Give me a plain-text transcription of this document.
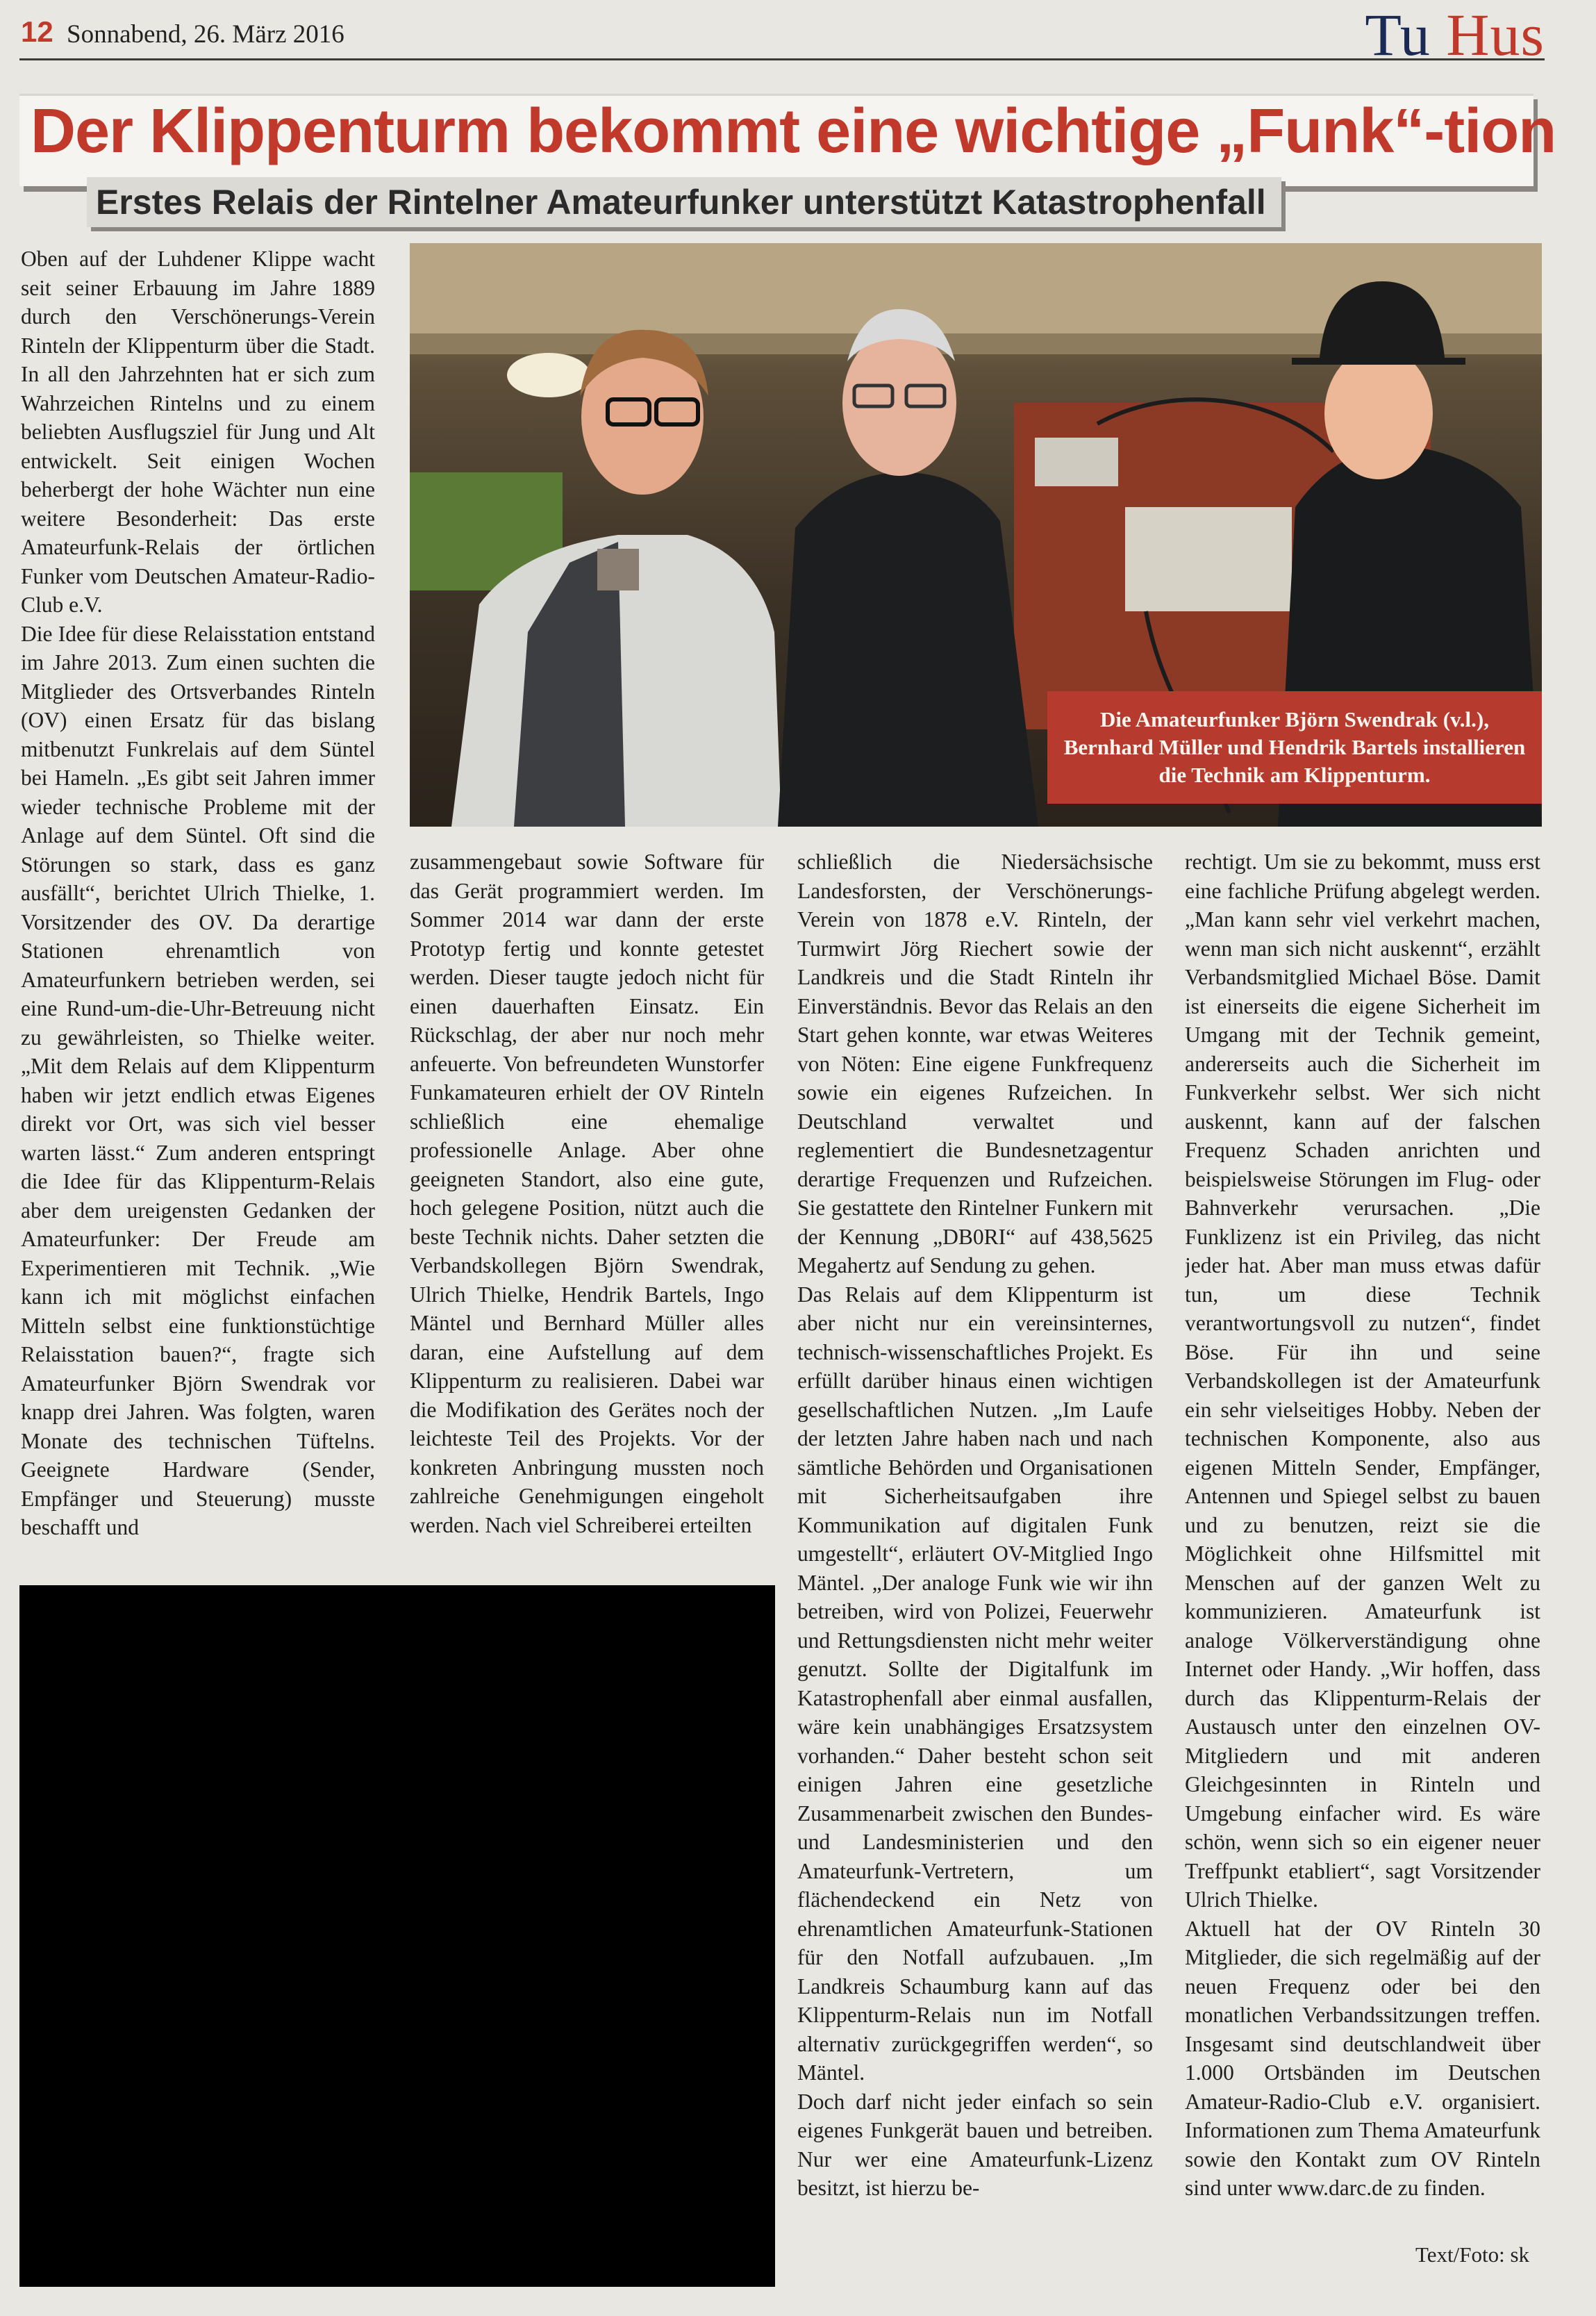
12 Sonnabend, 26. März 2016	Tu Hus
Der Klippenturm bekommt eine wichtige „Funk“-tion
Erstes Relais der Rintelner Amateurfunker unterstützt Katastrophenfall
Die Amateurfunker Björn Swendrak (v.l.), Bernhard Müller und Hendrik Bartels installieren die Technik am Klippenturm.

Oben auf der Luhdener Klippe wacht seit seiner Erbauung im Jahre 1889 durch den Verschönerungs-Verein Rinteln der Klippenturm über die Stadt. In all den Jahrzehnten hat er sich zum Wahrzeichen Rintelns und zu einem beliebten Ausflugsziel für Jung und Alt entwickelt. Seit einigen Wochen beherbergt der hohe Wächter nun eine weitere Besonderheit: Das erste Amateurfunk-Relais der örtlichen Funker vom Deutschen Amateur-Radio-Club e.V.
Die Idee für diese Relaisstation entstand im Jahre 2013. Zum einen suchten die Mitglieder des Ortsverbandes Rinteln (OV) einen Ersatz für das bislang mitbenutzt Funkrelais auf dem Süntel bei Hameln. „Es gibt seit Jahren immer wieder technische Probleme mit der Anlage auf dem Süntel. Oft sind die Störungen so stark, dass es ganz ausfällt“, berichtet Ulrich Thielke, 1. Vorsitzender des OV. Da derartige Stationen ehrenamtlich von Amateurfunkern betrieben werden, sei eine Rund-um-die-Uhr-Betreuung nicht zu gewährleisten, so Thielke weiter. „Mit dem Relais auf dem Klippenturm haben wir jetzt endlich etwas Eigenes direkt vor Ort, was sich viel besser warten lässt.“ Zum anderen entspringt die Idee für das Klippenturm-Relais aber dem ureigensten Gedanken der Amateurfunker: Der Freude am Experimentieren mit Technik. „Wie kann ich mit möglichst einfachen Mitteln selbst eine funktionstüchtige Relaisstation bauen?“, fragte sich Amateurfunker Björn Swendrak vor knapp drei Jahren. Was folgten, waren Monate des technischen Tüftelns. Geeignete Hardware (Sender, Empfänger und Steuerung) musste beschafft und

zusammengebaut sowie Software für das Gerät programmiert werden. Im Sommer 2014 war dann der erste Prototyp fertig und konnte getestet werden. Dieser taugte jedoch nicht für einen dauerhaften Einsatz. Ein Rückschlag, der aber nur noch mehr anfeuerte. Von befreundeten Wunstorfer Funkamateuren erhielt der OV Rinteln schließlich eine ehemalige professionelle Anlage. Aber ohne geeigneten Standort, also eine gute, hoch gelegene Position, nützt auch die beste Technik nichts. Daher setzten die Verbandskollegen Björn Swendrak, Ulrich Thielke, Hendrik Bartels, Ingo Mäntel und Bernhard Müller alles daran, eine Aufstellung auf dem Klippenturm zu realisieren. Dabei war die Modifikation des Gerätes noch der leichteste Teil des Projekts. Vor der konkreten Anbringung mussten noch zahlreiche Genehmigungen eingeholt werden. Nach viel Schreiberei erteilten

schließlich die Niedersächsische Landesforsten, der Verschönerungs-Verein von 1878 e.V. Rinteln, der Turmwirt Jörg Riechert sowie der Landkreis und die Stadt Rinteln ihr Einverständnis. Bevor das Relais an den Start gehen konnte, war etwas Weiteres von Nöten: Eine eigene Funkfrequenz sowie ein eigenes Rufzeichen. In Deutschland verwaltet und reglementiert die Bundesnetzagentur derartige Frequenzen und Rufzeichen. Sie gestattete den Rintelner Funkern mit der Kennung „DB0RI“ auf 438,5625 Megahertz auf Sendung zu gehen.
Das Relais auf dem Klippenturm ist aber nicht nur ein vereinsinternes, technisch-wissenschaftliches Projekt. Es erfüllt darüber hinaus einen wichtigen gesellschaftlichen Nutzen. „Im Laufe der letzten Jahre haben nach und nach sämtliche Behörden und Organisationen mit Sicherheitsaufgaben ihre Kommunikation auf digitalen Funk umgestellt“, erläutert OV-Mitglied Ingo Mäntel. „Der analoge Funk wie wir ihn betreiben, wird von Polizei, Feuerwehr und Rettungsdiensten nicht mehr weiter genutzt. Sollte der Digitalfunk im Katastrophenfall aber einmal ausfallen, wäre kein unabhängiges Ersatzsystem vorhanden.“ Daher besteht schon seit einigen Jahren eine gesetzliche Zusammenarbeit zwischen den Bundes- und Landesministerien und den Amateurfunk-Vertretern, um flächendeckend ein Netz von ehrenamtlichen Amateurfunk-Stationen für den Notfall aufzubauen. „Im Landkreis Schaumburg kann auf das Klippenturm-Relais nun im Notfall alternativ zurückgegriffen werden“, so Mäntel.
Doch darf nicht jeder einfach so sein eigenes Funkgerät bauen und betreiben. Nur wer eine Amateurfunk-Lizenz besitzt, ist hierzu be-

rechtigt. Um sie zu bekommt, muss erst eine fachliche Prüfung abgelegt werden. „Man kann sehr viel verkehrt machen, wenn man sich nicht auskennt“, erzählt Verbandsmitglied Michael Böse. Damit ist einerseits die eigene Sicherheit im Umgang mit der Technik gemeint, andererseits auch die Sicherheit im Funkverkehr selbst. Wer sich nicht auskennt, kann auf der falschen Frequenz Schaden anrichten und beispielsweise Störungen im Flug- oder Bahnverkehr verursachen. „Die Funklizenz ist ein Privileg, das nicht jeder hat. Aber man muss etwas dafür tun, um diese Technik verantwortungsvoll zu nutzen“, findet Böse. Für ihn und seine Verbandskollegen ist der Amateurfunk ein sehr vielseitiges Hobby. Neben der technischen Komponente, also aus eigenen Mitteln Sender, Empfänger, Antennen und Spiegel selbst zu bauen und zu benutzen, reizt sie die Möglichkeit ohne Hilfsmittel mit Menschen auf der ganzen Welt zu kommunizieren. Amateurfunk ist analoge Völkerverständigung ohne Internet oder Handy. „Wir hoffen, dass durch das Klippenturm-Relais der Austausch unter den einzelnen OV-Mitgliedern und mit anderen Gleichgesinnten in Rinteln und Umgebung einfacher wird. Es wäre schön, wenn sich so ein eigener neuer Treffpunkt etabliert“, sagt Vorsitzender Ulrich Thielke.
Aktuell hat der OV Rinteln 30 Mitglieder, die sich regelmäßig auf der neuen Frequenz oder bei den monatlichen Verbandssitzungen treffen. Insgesamt sind deutschlandweit über 1.000 Ortsbänden im Deutschen Amateur-Radio-Club e.V. organisiert. Informationen zum Thema Amateurfunk sowie den Kontakt zum OV Rinteln sind unter www.darc.de zu finden.

Text/Foto: sk
